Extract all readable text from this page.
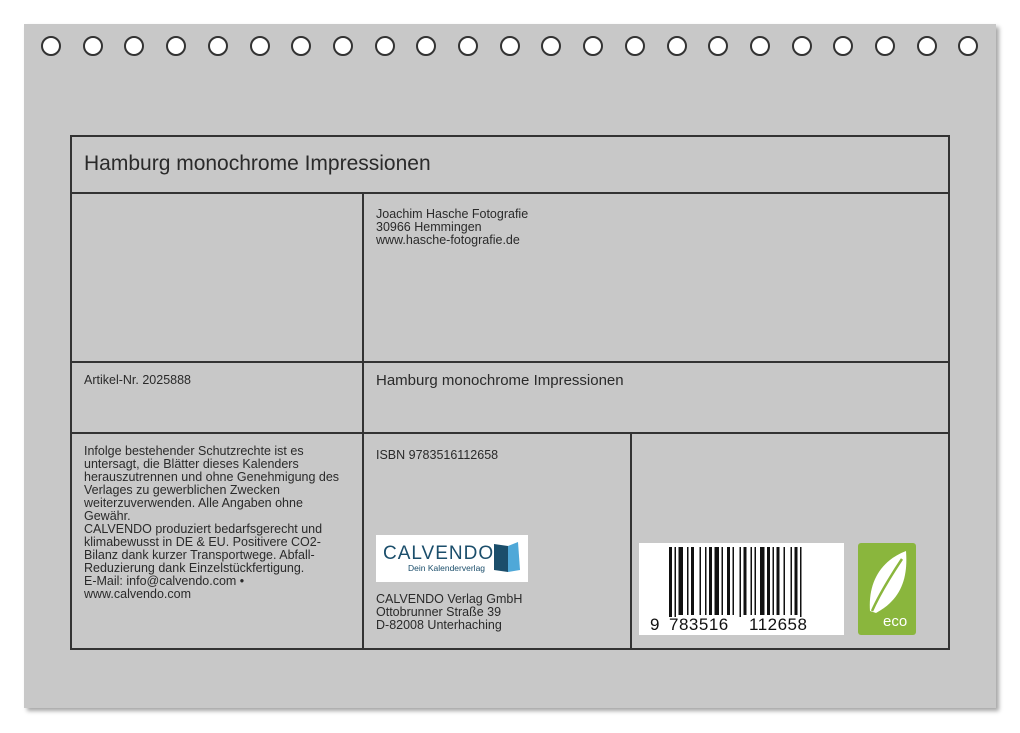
Hamburg monochrome Impressionen
Joachim Hasche Fotografie
30966 Hemmingen
www.hasche-fotografie.de
Artikel-Nr. 2025888	Hamburg monochrome Impressionen
Infolge bestehender Schutzrechte ist es
untersagt, die Blätter dieses Kalenders
herauszutrennen und ohne Genehmigung des
Verlages zu gewerblichen Zwecken
weiterzuverwenden. Alle Angaben ohne
Gewähr.
CALVENDO produziert bedarfsgerecht und
klimabewusst in DE & EU. Positivere CO2-
Bilanz dank kurzer Transportwege. Abfall-
Reduzierung dank Einzelstückfertigung.
E-Mail: info@calvendo.com •
www.calvendo.com
ISBN 9783516112658
CALVENDO
Dein Kalenderverlag
CALVENDO Verlag GmbH
Ottobrunner Straße 39
D-82008 Unterhaching	9 783516 112658	eco
